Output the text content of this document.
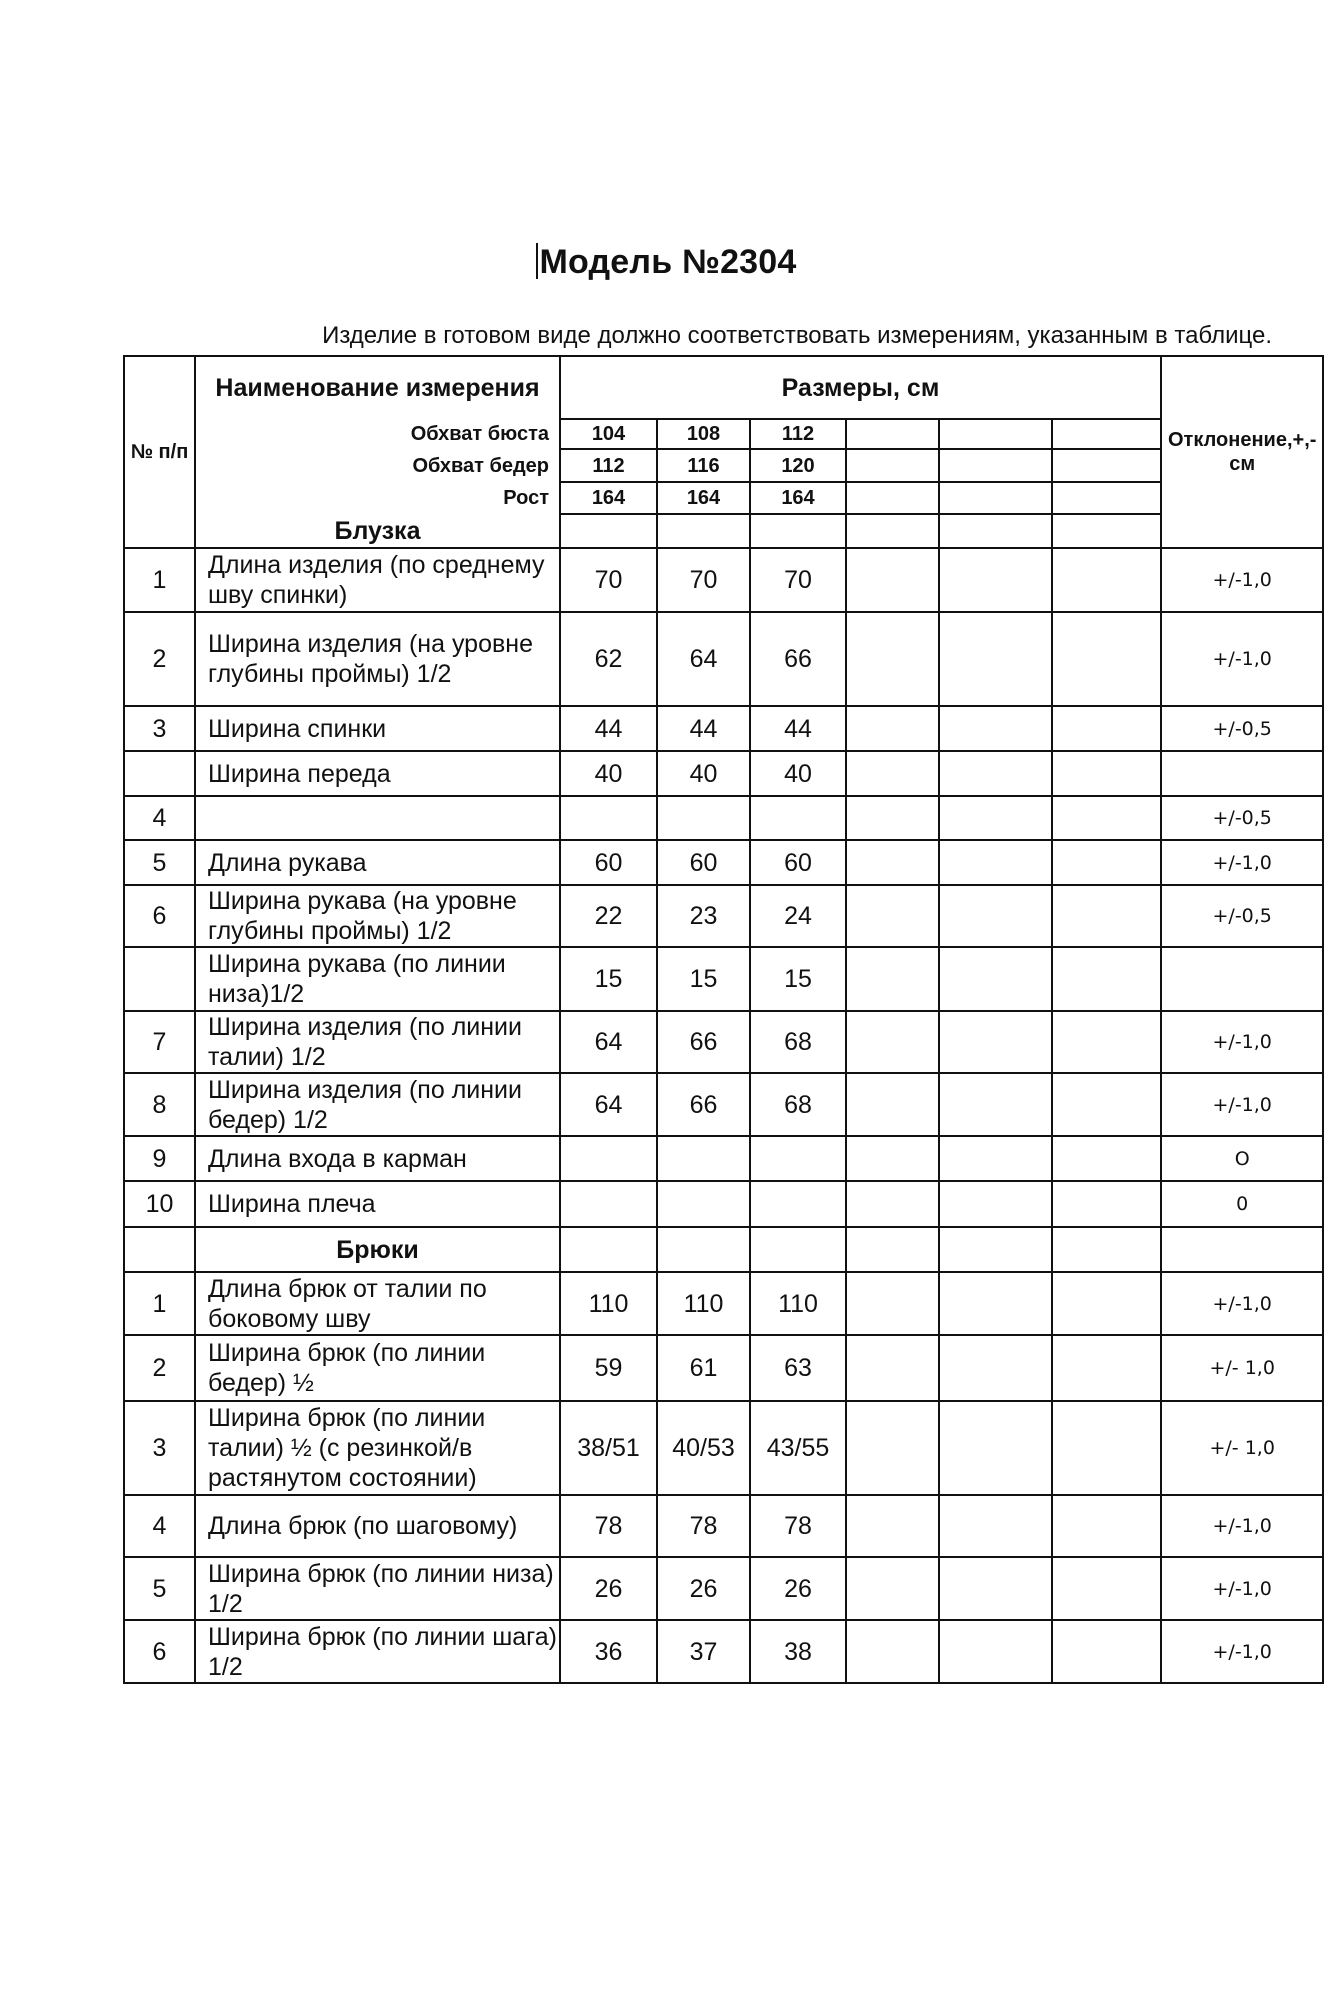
Модель №2304
Изделие в готовом виде должно соответствовать измерениям, указанным в таблице.
№ п/п	Наименование измерения	Размеры, см						Отклонение,+,- см
	Обхват бюста	104	108	112				
	Обхват бедер	112	116	120				
	Рост	164	164	164				
	Блузка							
1	Длина изделия (по среднему шву спинки)	70	70	70				+/-1,0
2	Ширина изделия (на уровне глубины проймы) 1/2	62	64	66				+/-1,0
3	Ширина спинки	44	44	44				+/-0,5
	Ширина переда	40	40	40				
4								+/-0,5
5	Длина рукава	60	60	60				+/-1,0
6	Ширина рукава (на уровне глубины проймы) 1/2	22	23	24				+/-0,5
	Ширина рукава (по линии низа)1/2	15	15	15				
7	Ширина изделия (по линии талии) 1/2	64	66	68				+/-1,0
8	Ширина изделия (по линии бедер) 1/2	64	66	68				+/-1,0
9	Длина входа в карман							O
10	Ширина плеча							0
	Брюки							
1	Длина брюк от талии по боковому шву	110	110	110				+/-1,0
2	Ширина брюк (по линии бедер) ½	59	61	63				+/- 1,0
3	Ширина брюк (по линии талии) ½ (с резинкой/в растянутом состоянии)	38/51	40/53	43/55				+/- 1,0
4	Длина брюк (по шаговому)	78	78	78				+/-1,0
5	Ширина брюк (по линии низа) 1/2	26	26	26				+/-1,0
6	Ширина брюк (по линии шага) 1/2	36	37	38				+/-1,0
